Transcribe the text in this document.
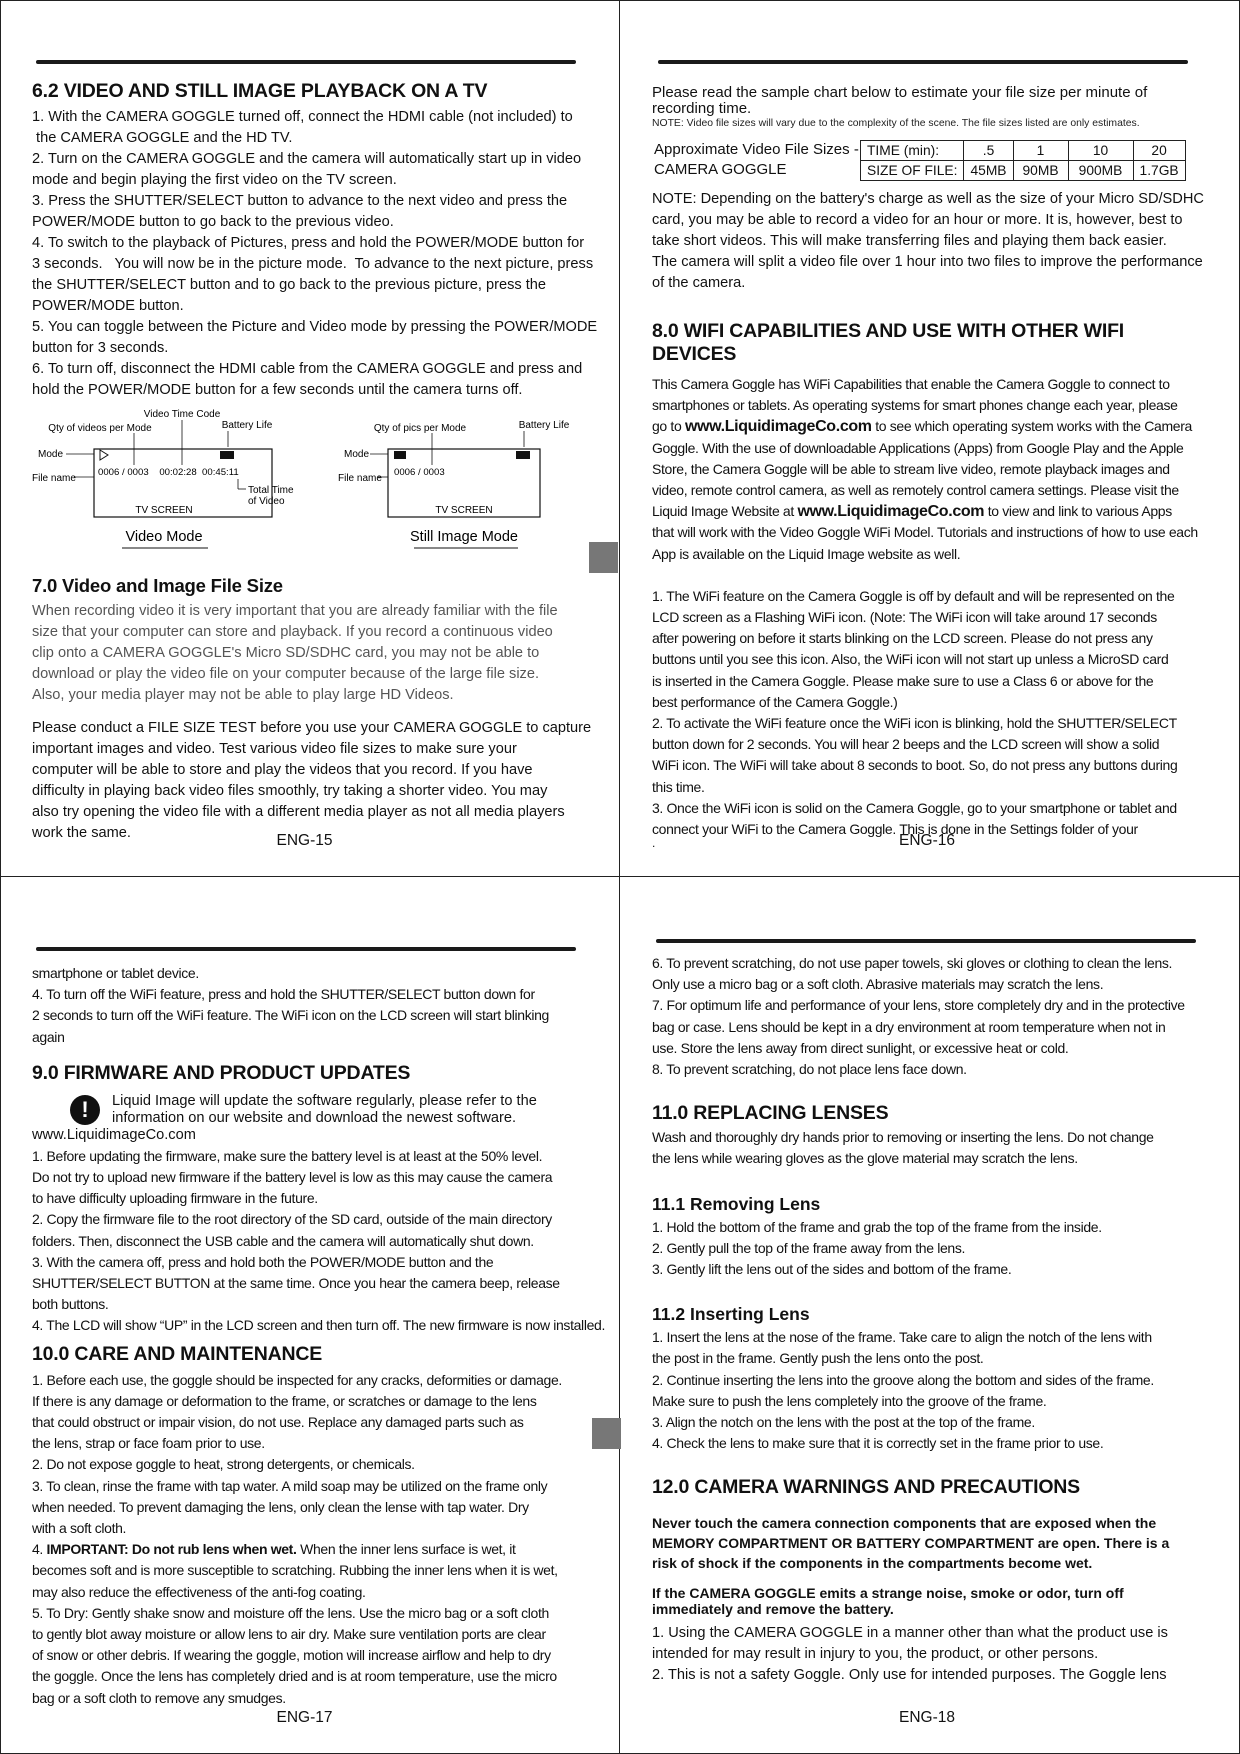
6.2 VIDEO AND STILL IMAGE PLAYBACK ON A TV

1. With the CAMERA GOGGLE turned off, connect the HDMI cable (not included) to

the CAMERA GOGGLE and the HD TV.

2. Turn on the CAMERA GOGGLE and the camera will automatically start up in video

mode and begin playing the first video on the TV screen.

3. Press the SHUTTER/SELECT button to advance to the next video and press the

POWER/MODE button to go back to the previous video.

4. To switch to the playback of Pictures, press and hold the POWER/MODE button for

3 seconds.   You will now be in the picture mode.  To advance to the next picture, press

the SHUTTER/SELECT button and to go back to the previous picture, press the

POWER/MODE button.

5. You can toggle between the Picture and Video mode by pressing the POWER/MODE

button for 3 seconds.

6. To turn off, disconnect the HDMI cable from the CAMERA GOGGLE and press and

hold the POWER/MODE button for a few seconds until the camera turns off.

Video Time Code
Qty of videos per Mode	Battery Life
Mode
File name
0006 / 0003    00:02:28  00:45:11
Total Time
of Video
TV SCREEN
Video Mode
Qty of pics per Mode	Battery Life
Mode
File name
0006 / 0003
TV SCREEN
Still Image Mode
7.0 Video and Image File Size

When recording video it is very important that you are already familiar with the file

size that your computer can store and playback. If you record a continuous video

clip onto a CAMERA GOGGLE's Micro SD/SDHC card, you may not be able to

download or play the video file on your computer because of the large file size.

Also, your media player may not be able to play large HD Videos.

Please conduct a FILE SIZE TEST before you use your CAMERA GOGGLE to capture

important images and video. Test various video file sizes to make sure your

computer will be able to store and play the videos that you record. If you have

difficulty in playing back video files smoothly, try taking a shorter video. You may

also try opening the video file with a different media player as not all media players

work the same.	ENG-15

Please read the sample chart below to estimate your file size per minute of

recording time.

NOTE: Video file sizes will vary due to the complexity of the scene. The file sizes listed are only estimates.

Approximate Video File Sizes -
CAMERA GOGGLE
TIME (min):	.5	1	10	20
SIZE OF FILE:	45MB	90MB	900MB	1.7GB

NOTE: Depending on the battery's charge as well as the size of your Micro SD/SDHC

card, you may be able to record a video for an hour or more. It is, however, best to

take short videos. This will make transferring files and playing them back easier.

The camera will split a video file over 1 hour into two files to improve the performance

of the camera.

8.0 WIFI CAPABILITIES AND USE WITH OTHER WIFI DEVICES
This Camera Goggle has WiFi Capabilities that enable the Camera Goggle to connect to
smartphones or tablets. As operating systems for smart phones change each year, please
go to www.LiquidimageCo.com to see which operating system works with the Camera
Goggle. With the use of downloadable Applications (Apps) from Google Play and the Apple
Store, the Camera Goggle will be able to stream live video, remote playback images and
video, remote control camera, as well as remotely control camera settings. Please visit the
Liquid Image Website at www.LiquidimageCo.com to view and link to various Apps
that will work with the Video Goggle WiFi Model. Tutorials and instructions of how to use each
App is available on the Liquid Image website as well.
1. The WiFi feature on the Camera Goggle is off by default and will be represented on the
LCD screen as a Flashing WiFi icon. (Note: The WiFi icon will take around 17 seconds
after powering on before it starts blinking on the LCD screen. Please do not press any
buttons until you see this icon. Also, the WiFi icon will not start up unless a MicroSD card
is inserted in the Camera Goggle. Please make sure to use a Class 6 or above for the
best performance of the Camera Goggle.)
2. To activate the WiFi feature once the WiFi icon is blinking, hold the SHUTTER/SELECT
button down for 2 seconds. You will hear 2 beeps and the LCD screen will show a solid
WiFi icon. The WiFi will take about 8 seconds to boot. So, do not press any buttons during
this time.
3. Once the WiFi icon is solid on the Camera Goggle, go to your smartphone or tablet and
connect your WiFi to the Camera Goggle. This is done in the Settings folder of your
.	ENG-16
smartphone or tablet device.
4. To turn off the WiFi feature, press and hold the SHUTTER/SELECT button down for
2 seconds to turn off the WiFi feature. The WiFi icon on the LCD screen will start blinking
again
9.0 FIRMWARE AND PRODUCT UPDATES
!	Liquid Image will update the software regularly, please refer to the
information on our website and download the newest software.
www.LiquidimageCo.com
1. Before updating the firmware, make sure the battery level is at least at the 50% level.
Do not try to upload new firmware if the battery level is low as this may cause the camera
to have difficulty uploading firmware in the future.
2. Copy the firmware file to the root directory of the SD card, outside of the main directory
folders. Then, disconnect the USB cable and the camera will automatically shut down.
3. With the camera off, press and hold both the POWER/MODE button and the
SHUTTER/SELECT BUTTON at the same time. Once you hear the camera beep, release
both buttons.
4. The LCD will show “UP” in the LCD screen and then turn off. The new firmware is now installed.
10.0 CARE AND MAINTENANCE
1. Before each use, the goggle should be inspected for any cracks, deformities or damage.
If there is any damage or deformation to the frame, or scratches or damage to the lens
that could obstruct or impair vision, do not use. Replace any damaged parts such as
the lens, strap or face foam prior to use.
2. Do not expose goggle to heat, strong detergents, or chemicals.
3. To clean, rinse the frame with tap water. A mild soap may be utilized on the frame only
when needed. To prevent damaging the lens, only clean the lense with tap water. Dry
with a soft cloth.
4. IMPORTANT: Do not rub lens when wet. When the inner lens surface is wet, it
becomes soft and is more susceptible to scratching. Rubbing the inner lens when it is wet,
may also reduce the effectiveness of the anti-fog coating.
5. To Dry: Gently shake snow and moisture off the lens. Use the micro bag or a soft cloth
to gently blot away moisture or allow lens to air dry. Make sure ventilation ports are clear
of snow or other debris. If wearing the goggle, motion will increase airflow and help to dry
the goggle. Once the lens has completely dried and is at room temperature, use the micro
bag or a soft cloth to remove any smudges.
ENG-17
6. To prevent scratching, do not use paper towels, ski gloves or clothing to clean the lens.
Only use a micro bag or a soft cloth. Abrasive materials may scratch the lens.
7. For optimum life and performance of your lens, store completely dry and in the protective
bag or case. Lens should be kept in a dry environment at room temperature when not in
use. Store the lens away from direct sunlight, or excessive heat or cold.
8. To prevent scratching, do not place lens face down.
11.0 REPLACING LENSES
Wash and thoroughly dry hands prior to removing or inserting the lens. Do not change
the lens while wearing gloves as the glove material may scratch the lens.
11.1 Removing Lens
1. Hold the bottom of the frame and grab the top of the frame from the inside.
2. Gently pull the top of the frame away from the lens.
3. Gently lift the lens out of the sides and bottom of the frame.
11.2 Inserting Lens
1. Insert the lens at the nose of the frame. Take care to align the notch of the lens with
the post in the frame. Gently push the lens onto the post.
2. Continue inserting the lens into the groove along the bottom and sides of the frame.
Make sure to push the lens completely into the groove of the frame.
3. Align the notch on the lens with the post at the top of the frame.
4. Check the lens to make sure that it is correctly set in the frame prior to use.
12.0 CAMERA WARNINGS AND PRECAUTIONS
Never touch the camera connection components that are exposed when the
MEMORY COMPARTMENT OR BATTERY COMPARTMENT are open. There is a
risk of shock if the components in the compartments become wet.
If the CAMERA GOGGLE emits a strange noise, smoke or odor, turn off
immediately and remove the battery.

1. Using the CAMERA GOGGLE in a manner other than what the product use is

intended for may result in injury to you, the product, or other persons.

2. This is not a safety Goggle. Only use for intended purposes. The Goggle lens

ENG-18
